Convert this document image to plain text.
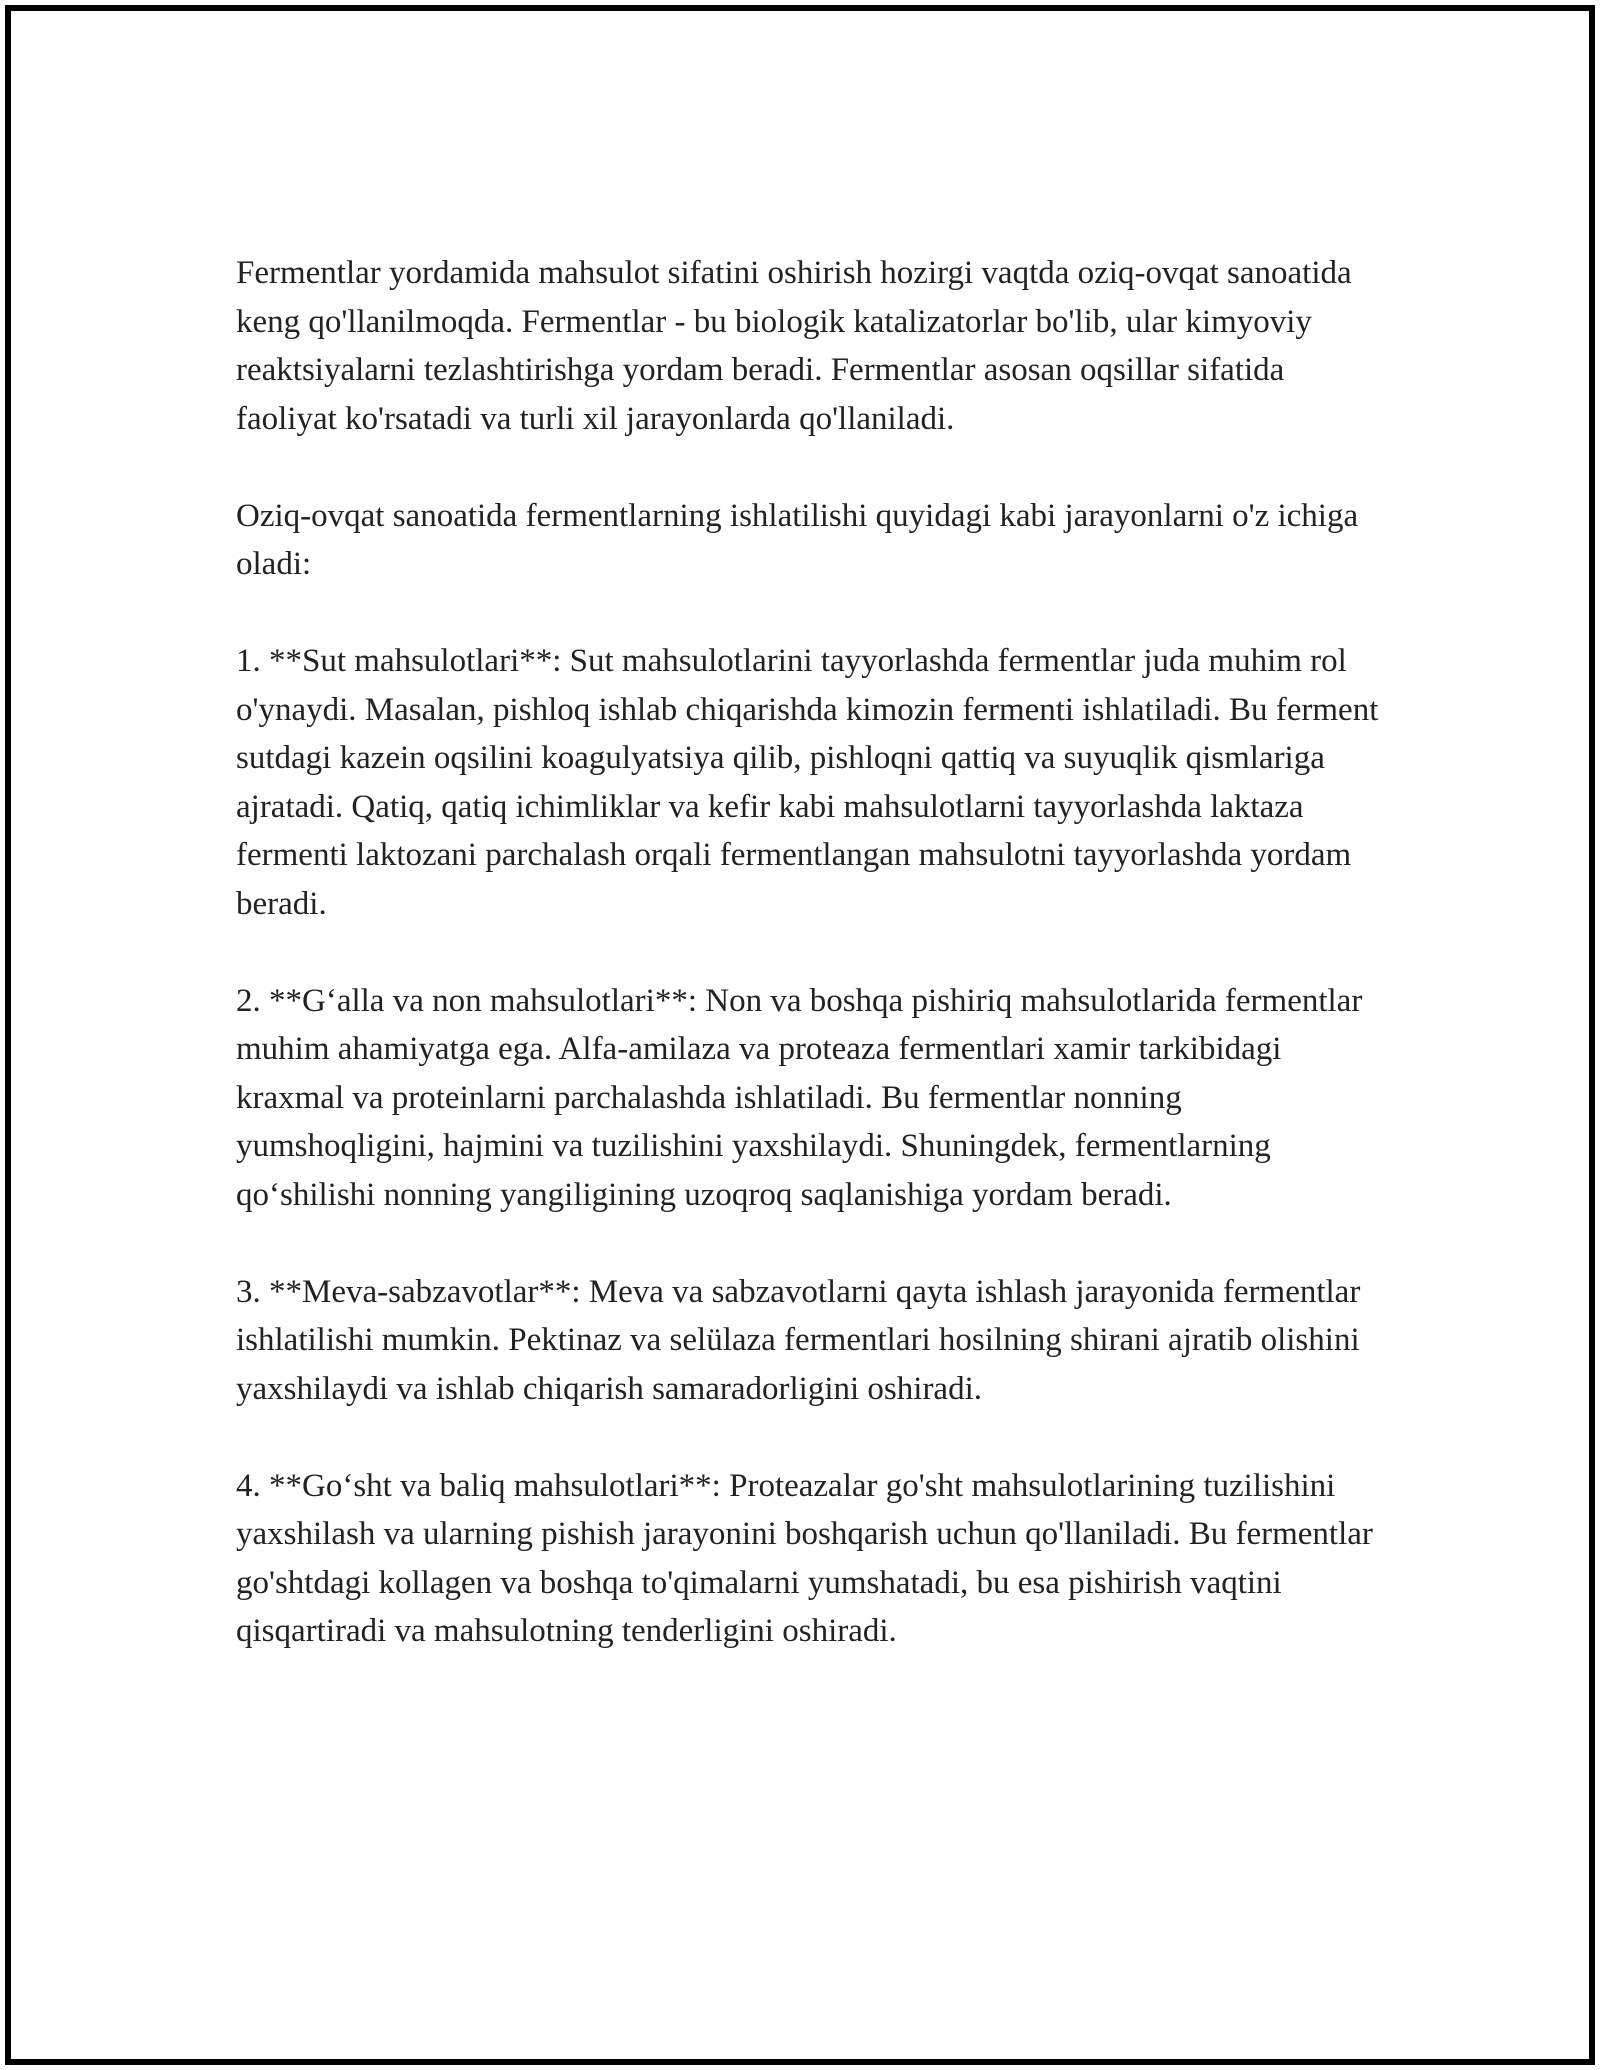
Fermentlar yordamida mahsulot sifatini oshirish hozirgi vaqtda oziq-ovqat sanoatida keng qo'llanilmoqda. Fermentlar - bu biologik katalizatorlar bo'lib, ular kimyoviy reaktsiyalarni tezlashtirishga yordam beradi. Fermentlar asosan oqsillar sifatida faoliyat ko'rsatadi va turli xil jarayonlarda qo'llaniladi.

Oziq-ovqat sanoatida fermentlarning ishlatilishi quyidagi kabi jarayonlarni o'z ichiga oladi:

1. **Sut mahsulotlari**: Sut mahsulotlarini tayyorlashda fermentlar juda muhim rol o'ynaydi. Masalan, pishloq ishlab chiqarishda kimozin fermenti ishlatiladi. Bu ferment sutdagi kazein oqsilini koagulyatsiya qilib, pishloqni qattiq va suyuqlik qismlariga ajratadi. Qatiq, qatiq ichimliklar va kefir kabi mahsulotlarni tayyorlashda laktaza fermenti laktozani parchalash orqali fermentlangan mahsulotni tayyorlashda yordam beradi.

2. **G‘alla va non mahsulotlari**: Non va boshqa pishiriq mahsulotlarida fermentlar muhim ahamiyatga ega. Alfa-amilaza va proteaza fermentlari xamir tarkibidagi kraxmal va proteinlarni parchalashda ishlatiladi. Bu fermentlar nonning yumshoqligini, hajmini va tuzilishini yaxshilaydi. Shuningdek, fermentlarning qo‘shilishi nonning yangiligining uzoqroq saqlanishiga yordam beradi.

3. **Meva-sabzavotlar**: Meva va sabzavotlarni qayta ishlash jarayonida fermentlar ishlatilishi mumkin. Pektinaz va selülaza fermentlari hosilning shirani ajratib olishini yaxshilaydi va ishlab chiqarish samaradorligini oshiradi.

4. **Go‘sht va baliq mahsulotlari**: Proteazalar go'sht mahsulotlarining tuzilishini yaxshilash va ularning pishish jarayonini boshqarish uchun qo'llaniladi. Bu fermentlar go'shtdagi kollagen va boshqa to'qimalarni yumshatadi, bu esa pishirish vaqtini qisqartiradi va mahsulotning tenderligini oshiradi.
